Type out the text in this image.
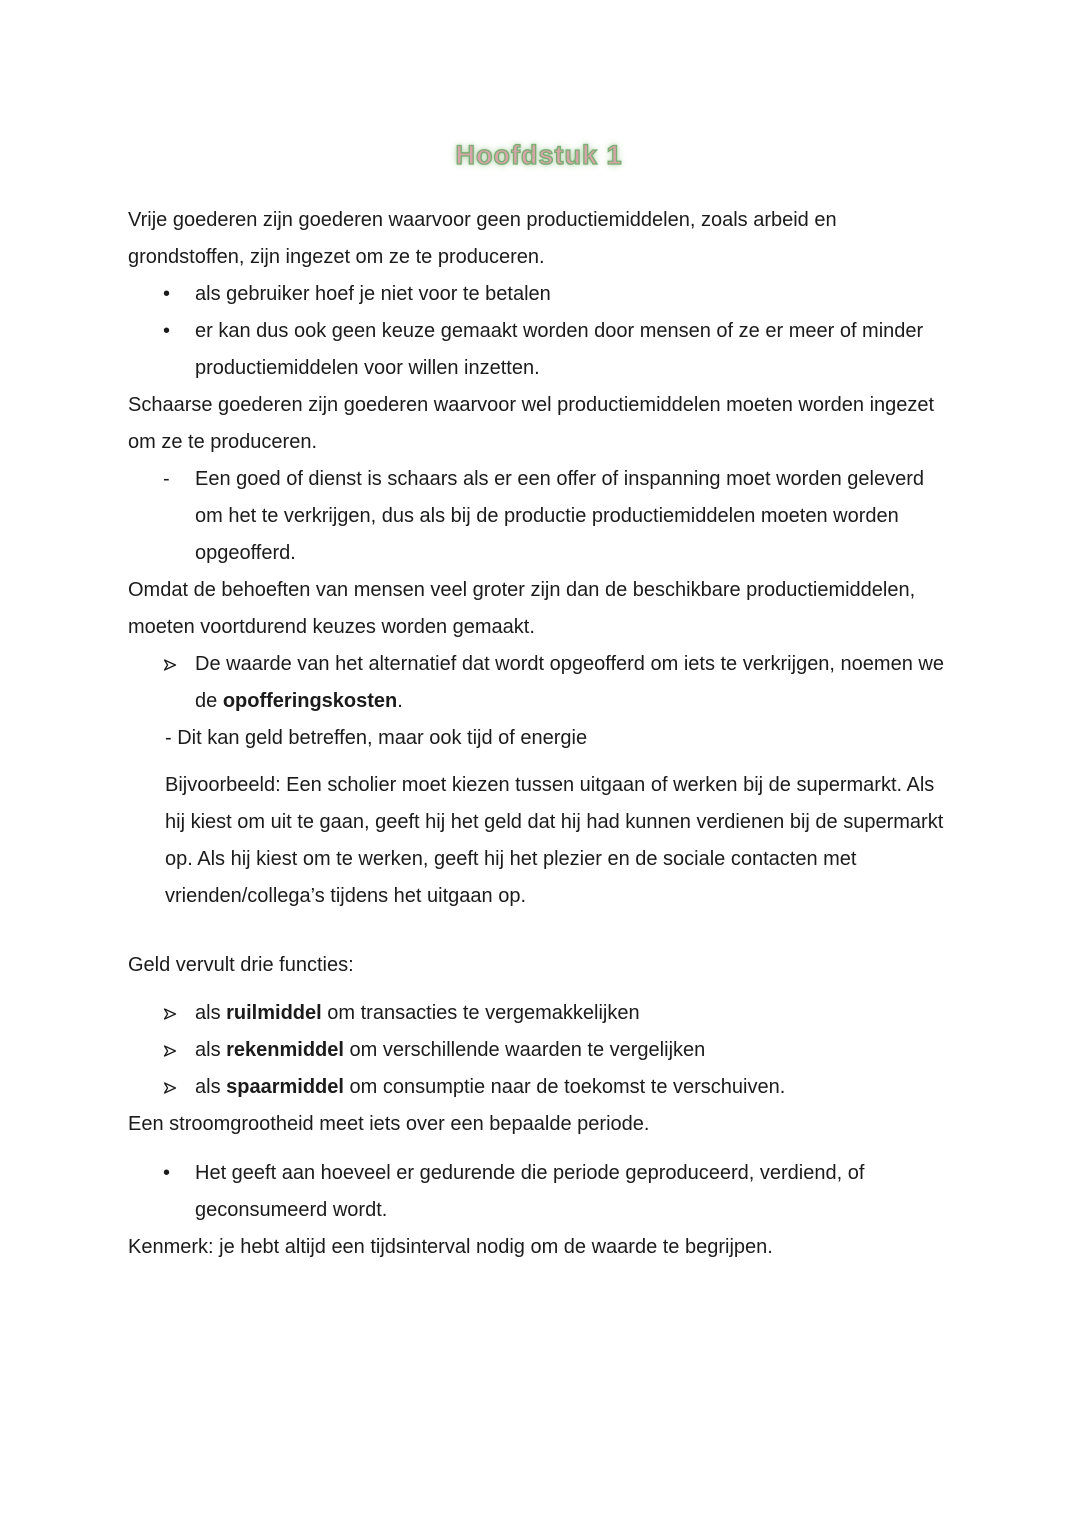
Hoofdstuk 1

Vrije goederen zijn goederen waarvoor geen productiemiddelen, zoals arbeid en grondstoffen, zijn ingezet om ze te produceren.

• als gebruiker hoef je niet voor te betalen
• er kan dus ook geen keuze gemaakt worden door mensen of ze er meer of minder productiemiddelen voor willen inzetten.

Schaarse goederen zijn goederen waarvoor wel productiemiddelen moeten worden ingezet om ze te produceren.

- Een goed of dienst is schaars als er een offer of inspanning moet worden geleverd om het te verkrijgen, dus als bij de productie productiemiddelen moeten worden opgeofferd.

Omdat de behoeften van mensen veel groter zijn dan de beschikbare productiemiddelen, moeten voortdurend keuzes worden gemaakt.

De waarde van het alternatief dat wordt opgeofferd om iets te verkrijgen, noemen we de opofferingskosten.

- Dit kan geld betreffen, maar ook tijd of energie

Bijvoorbeeld: Een scholier moet kiezen tussen uitgaan of werken bij de supermarkt. Als hij kiest om uit te gaan, geeft hij het geld dat hij had kunnen verdienen bij de supermarkt op. Als hij kiest om te werken, geeft hij het plezier en de sociale contacten met vrienden/collega’s tijdens het uitgaan op.

Geld vervult drie functies:

als ruilmiddel om transacties te vergemakkelijken
als rekenmiddel om verschillende waarden te vergelijken
als spaarmiddel om consumptie naar de toekomst te verschuiven.

Een stroomgrootheid meet iets over een bepaalde periode.

• Het geeft aan hoeveel er gedurende die periode geproduceerd, verdiend, of geconsumeerd wordt.

Kenmerk: je hebt altijd een tijdsinterval nodig om de waarde te begrijpen.
